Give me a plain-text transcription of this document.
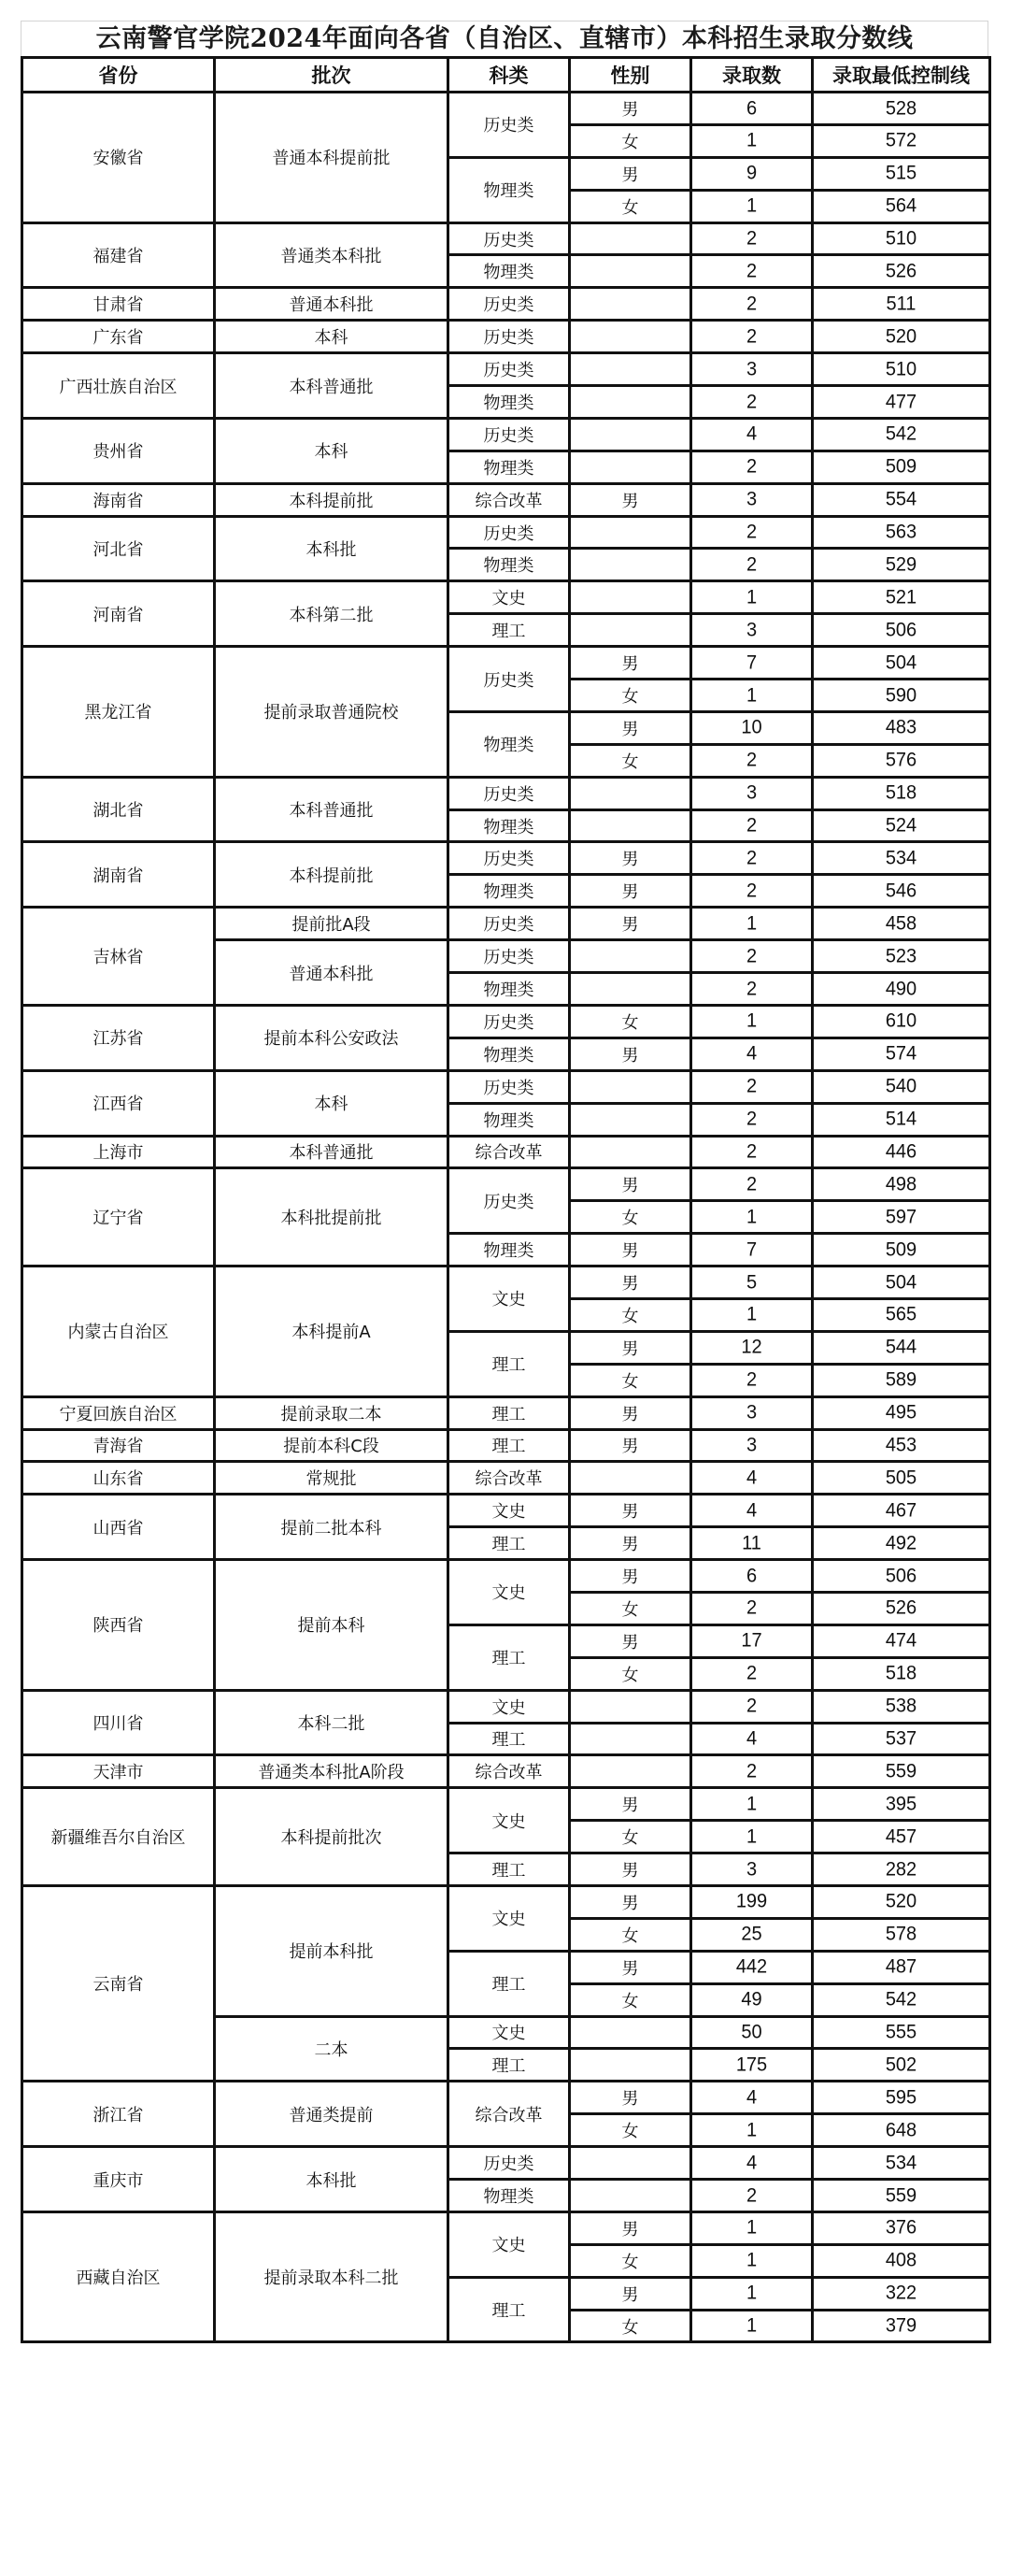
云南警官学院2024年面向各省（自治区、直辖市）本科招生录取分数线
省份	批次	科类	性别	录取数	录取最低控制线
安徽省	普通本科提前批	历史类	男	6	528
			女	1	572
		物理类	男	9	515
			女	1	564
福建省	普通类本科批	历史类		2	510
		物理类		2	526
甘肃省	普通本科批	历史类		2	511
广东省	本科	历史类		2	520
广西壮族自治区	本科普通批	历史类		3	510
		物理类		2	477
贵州省	本科	历史类		4	542
		物理类		2	509
海南省	本科提前批	综合改革	男	3	554
河北省	本科批	历史类		2	563
		物理类		2	529
河南省	本科第二批	文史		1	521
		理工		3	506
黑龙江省	提前录取普通院校	历史类	男	7	504
			女	1	590
		物理类	男	10	483
			女	2	576
湖北省	本科普通批	历史类		3	518
		物理类		2	524
湖南省	本科提前批	历史类	男	2	534
		物理类	男	2	546
吉林省	提前批A段	历史类	男	1	458
	普通本科批	历史类		2	523
		物理类		2	490
江苏省	提前本科公安政法	历史类	女	1	610
		物理类	男	4	574
江西省	本科	历史类		2	540
		物理类		2	514
上海市	本科普通批	综合改革		2	446
辽宁省	本科批提前批	历史类	男	2	498
			女	1	597
		物理类	男	7	509
内蒙古自治区	本科提前A	文史	男	5	504
			女	1	565
		理工	男	12	544
			女	2	589
宁夏回族自治区	提前录取二本	理工	男	3	495
青海省	提前本科C段	理工	男	3	453
山东省	常规批	综合改革		4	505
山西省	提前二批本科	文史	男	4	467
		理工	男	11	492
陕西省	提前本科	文史	男	6	506
			女	2	526
		理工	男	17	474
			女	2	518
四川省	本科二批	文史		2	538
		理工		4	537
天津市	普通类本科批A阶段	综合改革		2	559
新疆维吾尔自治区	本科提前批次	文史	男	1	395
			女	1	457
		理工	男	3	282
云南省	提前本科批	文史	男	199	520
			女	25	578
		理工	男	442	487
			女	49	542
	二本	文史		50	555
		理工		175	502
浙江省	普通类提前	综合改革	男	4	595
			女	1	648
重庆市	本科批	历史类		4	534
		物理类		2	559
西藏自治区	提前录取本科二批	文史	男	1	376
			女	1	408
		理工	男	1	322
			女	1	379
